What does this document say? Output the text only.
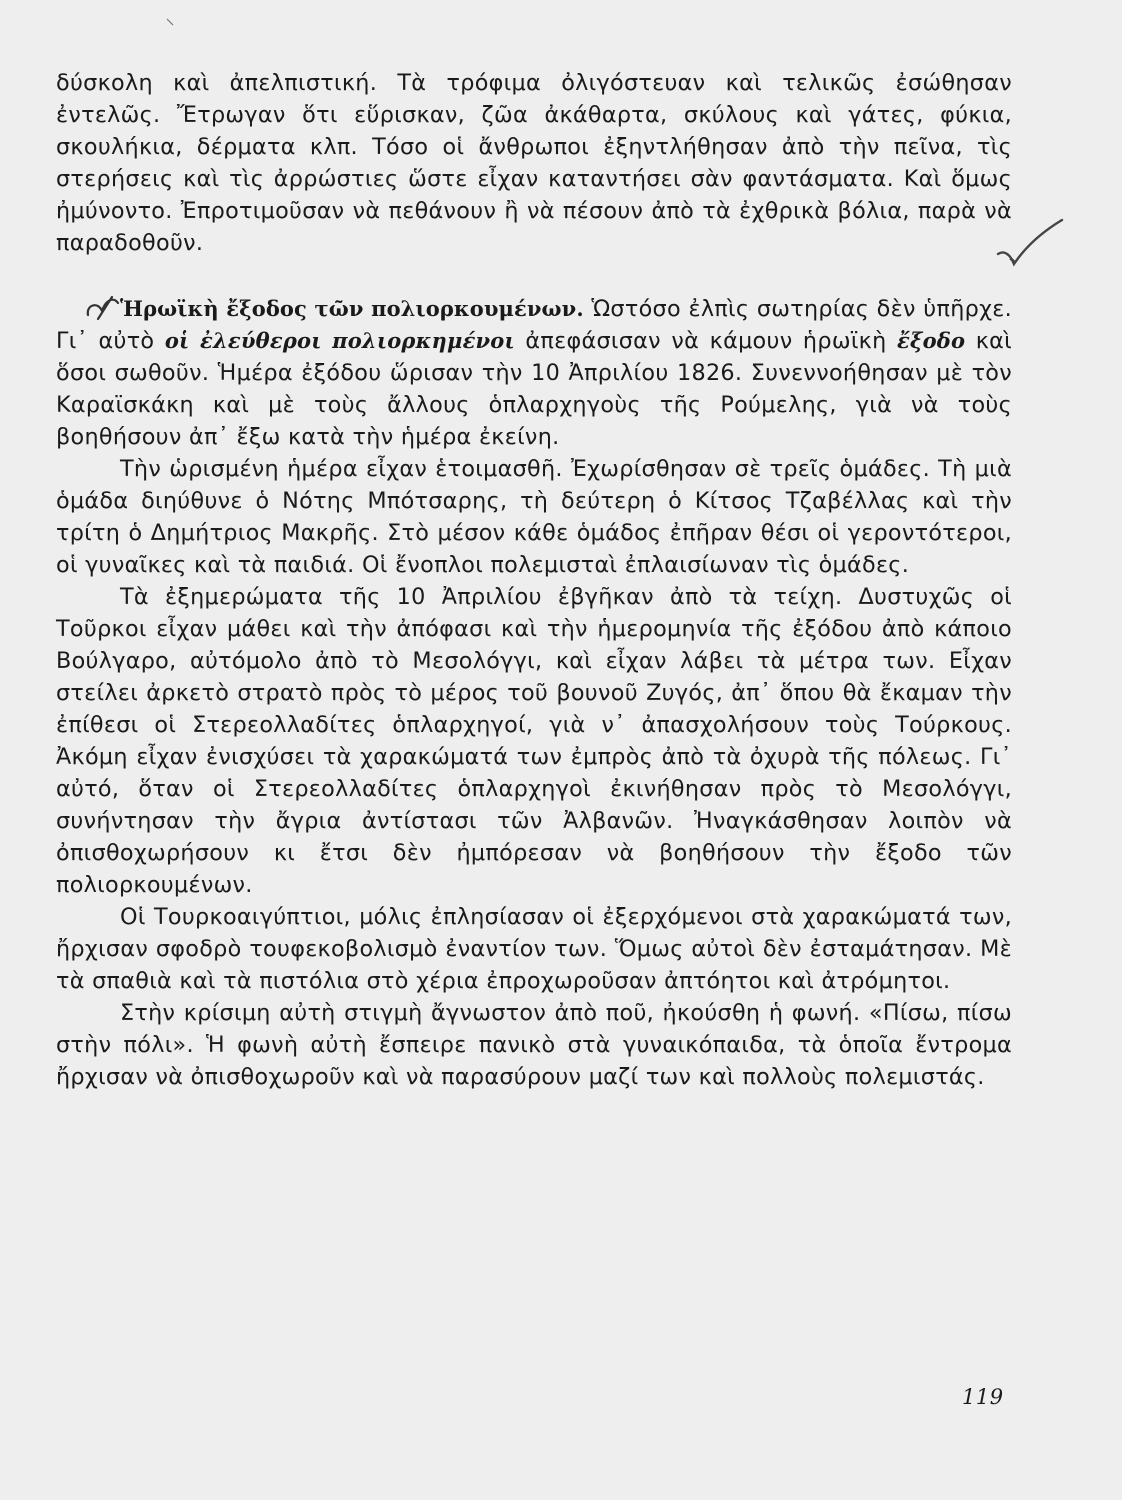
δύσκολη καὶ ἀπελπιστική. Τὰ τρόφιμα ὀλιγόστευαν καὶ τελικῶς ἐσώθησαν ἐντελῶς. Ἔτρωγαν ὅτι εὕρισκαν, ζῶα ἀκάθαρτα, σκύλους καὶ γάτες, φύκια, σκουλήκια, δέρματα κλπ. Τόσο οἱ ἄνθρωποι ἐξηντλήθησαν ἀπὸ τὴν πεῖνα, τὶς στερήσεις καὶ τὶς ἀρρώστιες ὥστε εἶχαν καταντήσει σὰν φαντάσματα. Καὶ ὅμως ἠμύνοντο. Ἐπροτιμοῦσαν νὰ πεθάνουν ἢ νὰ πέσουν ἀπὸ τὰ ἐχθρικὰ βόλια, παρὰ νὰ παραδοθοῦν.

Ἡρωϊκὴ ἔξοδος τῶν πολιορκουμένων. Ὡστόσο ἐλπὶς σωτηρίας δὲν ὑπῆρχε. Γι᾽ αὐτὸ οἱ ἐλεύθεροι πολιορκημένοι ἀπεφάσισαν νὰ κάμουν ἡρωϊκὴ ἔξοδο καὶ ὅσοι σωθοῦν. Ἡμέρα ἐξόδου ὥρισαν τὴν 10 Ἀπριλίου 1826. Συνεννοήθησαν μὲ τὸν Καραϊσκάκη καὶ μὲ τοὺς ἄλλους ὁπλαρχηγοὺς τῆς Ρούμελης, γιὰ νὰ τοὺς βοηθήσουν ἀπ᾽ ἔξω κατὰ τὴν ἡμέρα ἐκείνη.

Τὴν ὡρισμένη ἡμέρα εἶχαν ἑτοιμασθῆ. Ἐχωρίσθησαν σὲ τρεῖς ὁμάδες. Τὴ μιὰ ὁμάδα διηύθυνε ὁ Νότης Μπότσαρης, τὴ δεύτερη ὁ Κίτσος Τζαβέλλας καὶ τὴν τρίτη ὁ Δημήτριος Μακρῆς. Στὸ μέσον κάθε ὁμάδος ἐπῆραν θέσι οἱ γεροντότεροι, οἱ γυναῖκες καὶ τὰ παιδιά. Οἱ ἔνοπλοι πολεμισταὶ ἐπλαισίωναν τὶς ὁμάδες.

Τὰ ἐξημερώματα τῆς 10 Ἀπριλίου ἐβγῆκαν ἀπὸ τὰ τείχη. Δυστυχῶς οἱ Τοῦρκοι εἶχαν μάθει καὶ τὴν ἀπόφασι καὶ τὴν ἡμερομηνία τῆς ἐξόδου ἀπὸ κάποιο Βούλγαρο, αὐτόμολο ἀπὸ τὸ Μεσολόγγι, καὶ εἶχαν λάβει τὰ μέτρα των. Εἶχαν στείλει ἀρκετὸ στρατὸ πρὸς τὸ μέρος τοῦ βουνοῦ Ζυγός, ἀπ᾽ ὅπου θὰ ἔκαμαν τὴν ἐπίθεσι οἱ Στερεολλαδίτες ὁπλαρχηγοί, γιὰ ν᾽ ἀπασχολήσουν τοὺς Τούρκους. Ἀκόμη εἶχαν ἐνισχύσει τὰ χαρακώματά των ἐμπρὸς ἀπὸ τὰ ὀχυρὰ τῆς πόλεως. Γι᾽ αὐτό, ὅταν οἱ Στερεολλαδίτες ὁπλαρχηγοὶ ἐκινήθησαν πρὸς τὸ Μεσολόγγι, συνήντησαν τὴν ἄγρια ἀντίστασι τῶν Ἀλβανῶν. Ἠναγκάσθησαν λοιπὸν νὰ ὀπισθοχωρήσουν κι ἔτσι δὲν ἠμπόρεσαν νὰ βοηθήσουν τὴν ἔξοδο τῶν πολιορκουμένων.

Οἱ Τουρκοαιγύπτιοι, μόλις ἐπλησίασαν οἱ ἐξερχόμενοι στὰ χαρακώματά των, ἤρχισαν σφοδρὸ τουφεκοβολισμὸ ἐναντίον των. Ὅμως αὐτοὶ δὲν ἐσταμάτησαν. Μὲ τὰ σπαθιὰ καὶ τὰ πιστόλια στὸ χέρια ἐπροχωροῦσαν ἀπτόητοι καὶ ἀτρόμητοι.

Στὴν κρίσιμη αὐτὴ στιγμὴ ἄγνωστον ἀπὸ ποῦ, ἠκούσθη ἡ φωνή. «Πίσω, πίσω στὴν πόλι». Ἡ φωνὴ αὐτὴ ἔσπειρε πανικὸ στὰ γυναικόπαιδα, τὰ ὁποῖα ἔντρομα ἤρχισαν νὰ ὀπισθοχωροῦν καὶ νὰ παρασύρουν μαζί των καὶ πολλοὺς πολεμιστάς.

119
